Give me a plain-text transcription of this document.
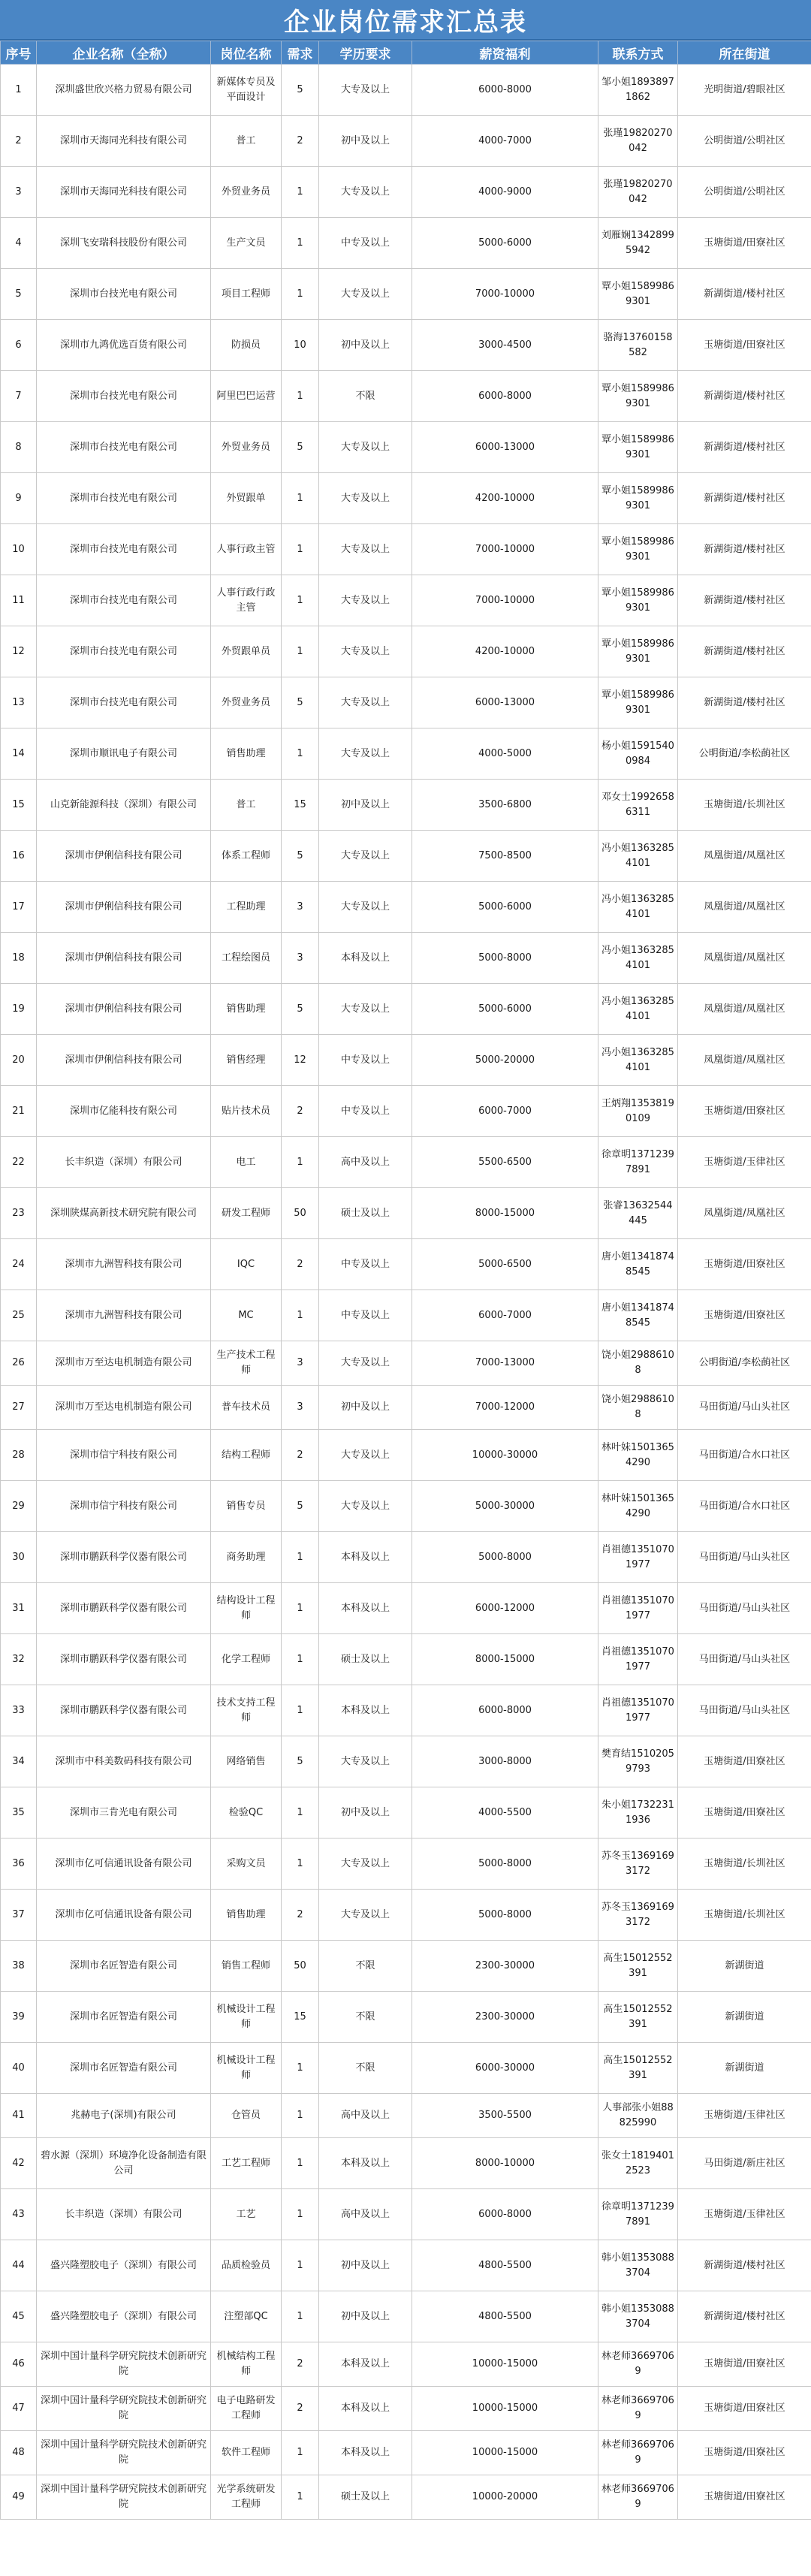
企业岗位需求汇总表
序号	企业名称（全称）	岗位名称	需求	学历要求	薪资福利	联系方式	所在街道
1	深圳盛世欣兴格力贸易有限公司	新媒体专员及平面设计	5	大专及以上	6000-8000	邹小姐18938971862	光明街道/碧眼社区
2	深圳市天海同光科技有限公司	普工	2	初中及以上	4000-7000	张瑾19820270042	公明街道/公明社区
3	深圳市天海同光科技有限公司	外贸业务员	1	大专及以上	4000-9000	张瑾19820270042	公明街道/公明社区
4	深圳飞安瑞科技股份有限公司	生产文员	1	中专及以上	5000-6000	刘雁娴13428995942	玉塘街道/田寮社区
5	深圳市台技光电有限公司	项目工程师	1	大专及以上	7000-10000	覃小姐15899869301	新湖街道/楼村社区
6	深圳市九鸿优选百货有限公司	防损员	10	初中及以上	3000-4500	骆海13760158582	玉塘街道/田寮社区
7	深圳市台技光电有限公司	阿里巴巴运营	1	不限	6000-8000	覃小姐15899869301	新湖街道/楼村社区
8	深圳市台技光电有限公司	外贸业务员	5	大专及以上	6000-13000	覃小姐15899869301	新湖街道/楼村社区
9	深圳市台技光电有限公司	外贸跟单	1	大专及以上	4200-10000	覃小姐15899869301	新湖街道/楼村社区
10	深圳市台技光电有限公司	人事行政主管	1	大专及以上	7000-10000	覃小姐15899869301	新湖街道/楼村社区
11	深圳市台技光电有限公司	人事行政行政主管	1	大专及以上	7000-10000	覃小姐15899869301	新湖街道/楼村社区
12	深圳市台技光电有限公司	外贸跟单员	1	大专及以上	4200-10000	覃小姐15899869301	新湖街道/楼村社区
13	深圳市台技光电有限公司	外贸业务员	5	大专及以上	6000-13000	覃小姐15899869301	新湖街道/楼村社区
14	深圳市顺讯电子有限公司	销售助理	1	大专及以上	4000-5000	杨小姐15915400984	公明街道/李松蓢社区
15	山克新能源科技（深圳）有限公司	普工	15	初中及以上	3500-6800	邓女士19926586311	玉塘街道/长圳社区
16	深圳市伊俐信科技有限公司	体系工程师	5	大专及以上	7500-8500	冯小姐13632854101	凤凰街道/凤凰社区
17	深圳市伊俐信科技有限公司	工程助理	3	大专及以上	5000-6000	冯小姐13632854101	凤凰街道/凤凰社区
18	深圳市伊俐信科技有限公司	工程绘图员	3	本科及以上	5000-8000	冯小姐13632854101	凤凰街道/凤凰社区
19	深圳市伊俐信科技有限公司	销售助理	5	大专及以上	5000-6000	冯小姐13632854101	凤凰街道/凤凰社区
20	深圳市伊俐信科技有限公司	销售经理	12	中专及以上	5000-20000	冯小姐13632854101	凤凰街道/凤凰社区
21	深圳市亿能科技有限公司	贴片技术员	2	中专及以上	6000-7000	王炳翔13538190109	玉塘街道/田寮社区
22	长丰织造（深圳）有限公司	电工	1	高中及以上	5500-6500	徐章明13712397891	玉塘街道/玉律社区
23	深圳陕煤高新技术研究院有限公司	研发工程师	50	硕士及以上	8000-15000	张睿13632544445	凤凰街道/凤凰社区
24	深圳市九洲智科技有限公司	IQC	2	中专及以上	5000-6500	唐小姐13418748545	玉塘街道/田寮社区
25	深圳市九洲智科技有限公司	MC	1	中专及以上	6000-7000	唐小姐13418748545	玉塘街道/田寮社区
26	深圳市万至达电机制造有限公司	生产技术工程师	3	大专及以上	7000-13000	饶小姐29886108	公明街道/李松蓢社区
27	深圳市万至达电机制造有限公司	普车技术员	3	初中及以上	7000-12000	饶小姐29886108	马田街道/马山头社区
28	深圳市信宁科技有限公司	结构工程师	2	大专及以上	10000-30000	林叶妹15013654290	马田街道/合水口社区
29	深圳市信宁科技有限公司	销售专员	5	大专及以上	5000-30000	林叶妹15013654290	马田街道/合水口社区
30	深圳市鹏跃科学仪器有限公司	商务助理	1	本科及以上	5000-8000	肖祖德13510701977	马田街道/马山头社区
31	深圳市鹏跃科学仪器有限公司	结构设计工程师	1	本科及以上	6000-12000	肖祖德13510701977	马田街道/马山头社区
32	深圳市鹏跃科学仪器有限公司	化学工程师	1	硕士及以上	8000-15000	肖祖德13510701977	马田街道/马山头社区
33	深圳市鹏跃科学仪器有限公司	技术支持工程师	1	本科及以上	6000-8000	肖祖德13510701977	马田街道/马山头社区
34	深圳市中科美数码科技有限公司	网络销售	5	大专及以上	3000-8000	樊育结15102059793	玉塘街道/田寮社区
35	深圳市三肯光电有限公司	检验QC	1	初中及以上	4000-5500	朱小姐17322311936	玉塘街道/田寮社区
36	深圳市亿可信通讯设备有限公司	采购文员	1	大专及以上	5000-8000	苏冬玉13691693172	玉塘街道/长圳社区
37	深圳市亿可信通讯设备有限公司	销售助理	2	大专及以上	5000-8000	苏冬玉13691693172	玉塘街道/长圳社区
38	深圳市名匠智造有限公司	销售工程师	50	不限	2300-30000	高生15012552391	新湖街道
39	深圳市名匠智造有限公司	机械设计工程师	15	不限	2300-30000	高生15012552391	新湖街道
40	深圳市名匠智造有限公司	机械设计工程师	1	不限	6000-30000	高生15012552391	新湖街道
41	兆赫电子(深圳)有限公司	仓管员	1	高中及以上	3500-5500	人事部张小姐88825990	玉塘街道/玉律社区
42	碧水源（深圳）环境净化设备制造有限公司	工艺工程师	1	本科及以上	8000-10000	张女士18194012523	马田街道/新庄社区
43	长丰织造（深圳）有限公司	工艺	1	高中及以上	6000-8000	徐章明13712397891	玉塘街道/玉律社区
44	盛兴隆塑胶电子（深圳）有限公司	品质检验员	1	初中及以上	4800-5500	韩小姐13530883704	新湖街道/楼村社区
45	盛兴隆塑胶电子（深圳）有限公司	注塑部QC	1	初中及以上	4800-5500	韩小姐13530883704	新湖街道/楼村社区
46	深圳中国计量科学研究院技术创新研究院	机械结构工程师	2	本科及以上	10000-15000	林老师36697069	玉塘街道/田寮社区
47	深圳中国计量科学研究院技术创新研究院	电子电路研发工程师	2	本科及以上	10000-15000	林老师36697069	玉塘街道/田寮社区
48	深圳中国计量科学研究院技术创新研究院	软件工程师	1	本科及以上	10000-15000	林老师36697069	玉塘街道/田寮社区
49	深圳中国计量科学研究院技术创新研究院	光学系统研发工程师	1	硕士及以上	10000-20000	林老师36697069	玉塘街道/田寮社区
